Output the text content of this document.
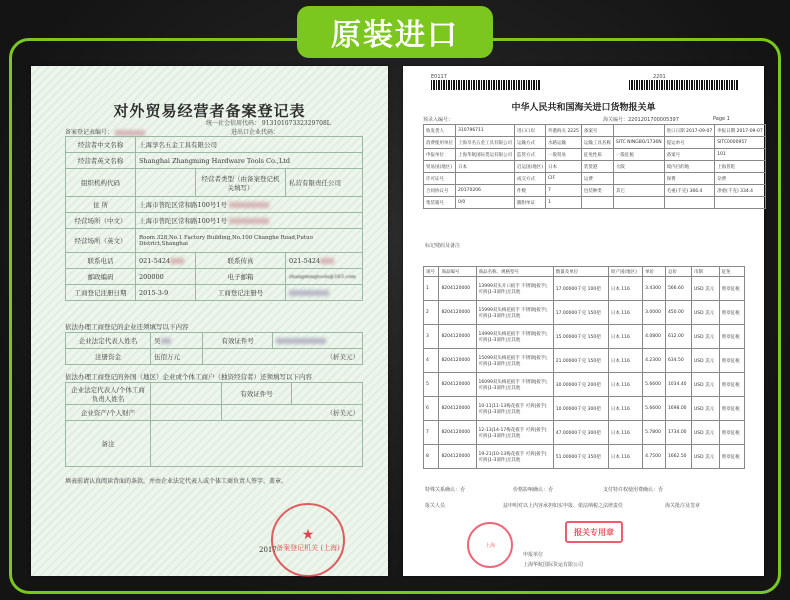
原装进口
对外贸易经营者备案登记表
统一社会信用代码： 91310107332329708L
备案登记表编号：	进出口企业代码：
经营者中文名称	上海享名五金工具有限公司		
经营者英文名称	Shanghai Zhangming Hardware Tools Co.,Ltd		
组织机构代码		经营者类型（由备案登记机关填写）	私营有限责任公司
住 所	上海市普陀区常和路100号1号		
经营场所（中文）	上海市普陀区常和路100号1号		
经营场所（英文）	Room 328,No.1 Factory Building,No.100 Changhe Road,Putuo District,Shanghai		
联系电话	021-5424	联系传真	021-5424
邮政编码	200000	电子邮箱	zhangmingtools@163.com
工商登记注册日期	2015-3-9	工商登记注册号	
依法办理工商登记的企业还须填写以下内容
企业法定代表人姓名	吴	有效证件号	
注册资金	伍佰万元	（折美元）	
依法办理工商登记的外国（地区）企业或个体工商户（独资经营者）还须填写以下内容
企业法定代表人/个体工商负责人姓名		有效证件号	
企业资产/个人财产		（折美元）	
备注			
填表前请认真阅读背面的条款，并由企业法定代表人或个体工商负责人签字、盖章。
★
备案登记机关 (上海)
2017
E0117	2201
中华人民共和国海关进口货物报关单
预录入编号：	海关编号：2201201700005397	Page 1
收发货人	310796711	进口口岸	外港海关 2225	备案号		进口日期 2017-09-07	申报日期 2017-09-07
消费使用单位	上海享名五金工具有限公司	运输方式	水路运输	运输工具名称	SITC NINGBO/1736N	提运单号	SITC0000957
申报单位	上海华航国际货运有限公司	监管方式	一般贸易	征免性质	一般征税	备案号	101
贸易国(地区)	日本	启运国(地区)	日本	装货港	大阪	境内目的地	上海普陀
许可证号		成交方式	CIF	运费		保费	杂费
合同协议号	20170206	件数	7	包装种类	其它	毛重(千克) 366.4	净重(千克) 334.4
集装箱号	0/0	随附单证	1				
标记唛码及备注
项号	商品编号	商品名称、规格型号	数量及单位	原产国(地区)	单价	总价	币制	征免
1	8204120000	13999双头开口扳手 不锈钢|扳手|可拆|1-3部件|无其他	17.00000千克 100把	日本 116	3.4300	566.60	USD 美元	照章征税
2	8204120000	15999双头梅花扳手 不锈钢|扳手|可拆|1-3部件|无其他	17.00000千克 150把	日本 116	3.0000	450.00	USD 美元	照章征税
3	8204120000	14999双头梅花扳手 不锈钢|扳手|可拆|1-3部件|无其他	15.00000千克 150把	日本 116	4.0800	612.00	USD 美元	照章征税
4	8204120000	15099双头梅花扳手 不锈钢|扳手|可拆|1-3部件|无其他	21.00000千克 150把	日本 116	4.2300	634.50	USD 美元	照章征税
5	8204120000	16099双头梅花扳手 不锈钢|扳手|可拆|1-3部件|无其他	30.00000千克 200把	日本 116	5.6600	1034.40	USD 美元	照章征税
6	8204120000	10-11|11-13梅花扳手 可拆|扳手|可拆|1-3部件|无其他	10.00000千克 300把	日本 116	5.6600	1698.00	USD 美元	照章征税
7	8204120000	12-13|14-17梅花扳手 可拆|扳手|可拆|1-3部件|无其他	47.00000千克 300把	日本 116	5.7800	1734.00	USD 美元	照章征税
8	8204120000	19-21|10-13梅花扳手 可拆|扳手|可拆|1-3部件|无其他	51.00000千克 350把	日本 116	4.7500	1662.50	USD 美元	照章征税
特殊关系确认：否	价格影响确认：否	支付特许权使用费确认：否
报关人员	兹申明对以上内容承担如实申报、依法纳税之法律责任	海关批注及签章
申报单位
上海华航国际货运有限公司
上海
报关专用章
